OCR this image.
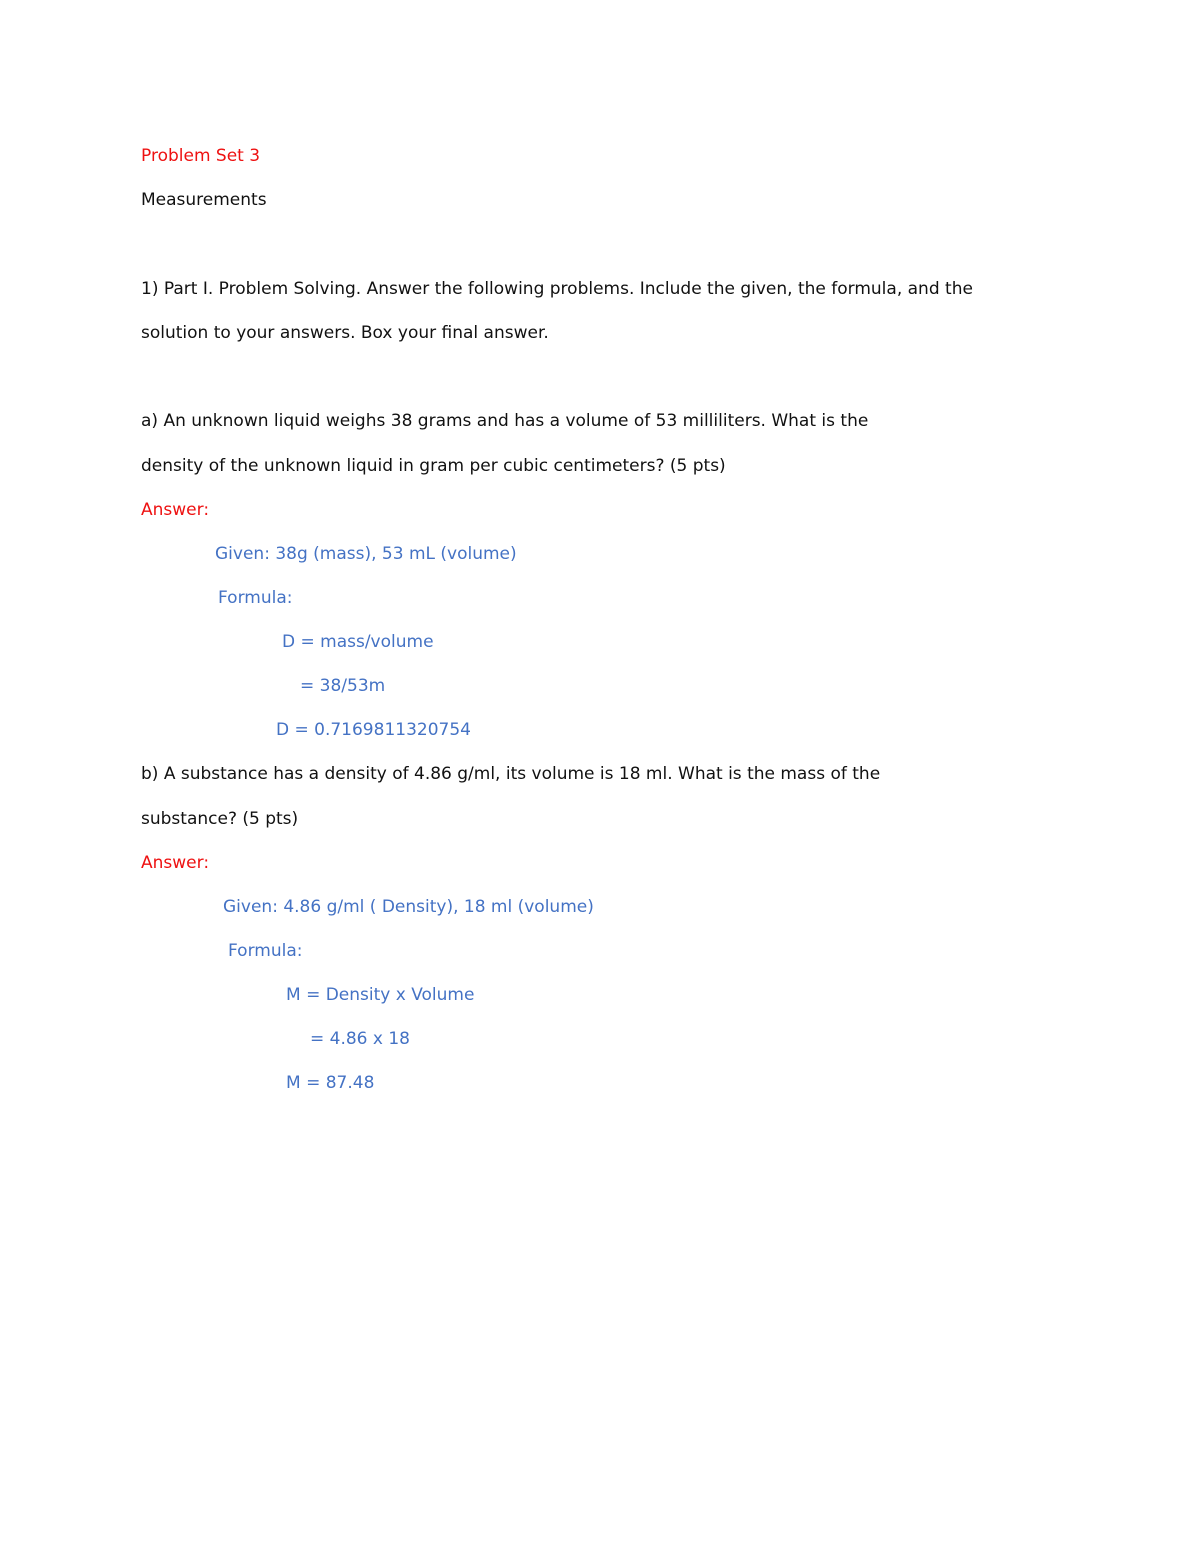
Problem Set 3
Measurements
1) Part I. Problem Solving. Answer the following problems. Include the given, the formula, and the
solution to your answers. Box your final answer.
a) An unknown liquid weighs 38 grams and has a volume of 53 milliliters. What is the
density of the unknown liquid in gram per cubic centimeters? (5 pts)
Answer:
Given: 38g (mass), 53 mL (volume)
Formula:
D = mass/volume
= 38/53m
D = 0.7169811320754
b) A substance has a density of 4.86 g/ml, its volume is 18 ml. What is the mass of the
substance? (5 pts)
Answer:
Given: 4.86 g/ml ( Density), 18 ml (volume)
Formula:
M = Density x Volume
= 4.86 x 18
M = 87.48
